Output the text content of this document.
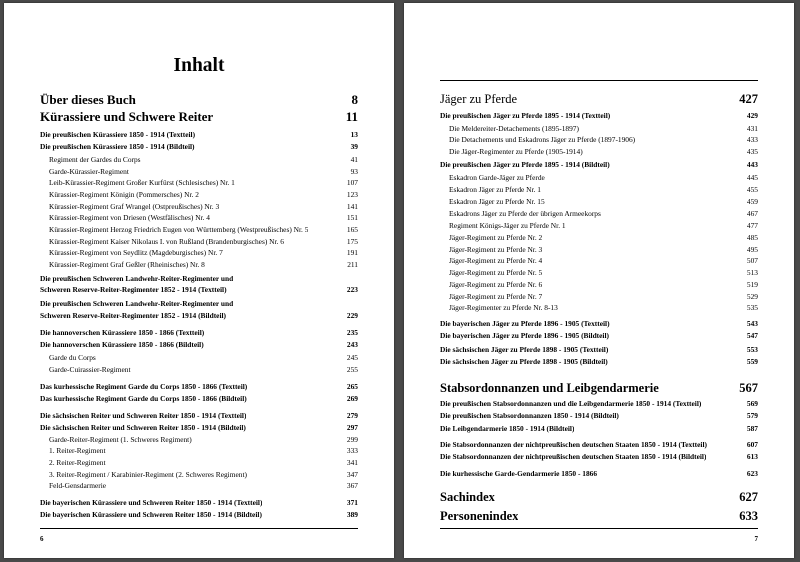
Inhalt
Über dieses Buch	8
Kürassiere und Schwere Reiter	11
Die preußischen Kürassiere 1850 - 1914 (Textteil)	13
Die preußischen Kürassiere 1850 - 1914 (Bildteil)	39
Regiment der Gardes du Corps	41
Garde-Kürassier-Regiment	93
Leib-Kürassier-Regiment Großer Kurfürst (Schlesisches) Nr. 1	107
Kürassier-Regiment Königin (Pommersches) Nr. 2	123
Kürassier-Regiment Graf Wrangel (Ostpreußisches) Nr. 3	141
Kürassier-Regiment von Driesen (Westfälisches) Nr. 4	151
Kürassier-Regiment Herzog Friedrich Eugen von Württemberg (Westpreußisches) Nr. 5	165
Kürassier-Regiment Kaiser Nikolaus I. von Rußland (Brandenburgisches) Nr. 6	175
Kürassier-Regiment von Seydlitz (Magdeburgisches) Nr. 7	191
Kürassier-Regiment Graf Geßler (Rheinisches) Nr. 8	211
Die preußischen Schweren Landwehr-Reiter-Regimenter und
Schweren Reserve-Reiter-Regimenter 1852 - 1914 (Textteil)	223
Die preußischen Schweren Landwehr-Reiter-Regimenter und
Schweren Reserve-Reiter-Regimenter 1852 - 1914 (Bildteil)	229
Die hannoverschen Kürassiere 1850 - 1866 (Textteil)	235
Die hannoverschen Kürassiere 1850 - 1866 (Bildteil)	243
Garde du Corps	245
Garde-Cuirassier-Regiment	255
Das kurhessische Regiment Garde du Corps 1850 - 1866 (Textteil)	265
Das kurhessische Regiment Garde du Corps 1850 - 1866 (Bildteil)	269
Die sächsischen Reiter und Schweren Reiter 1850 - 1914 (Textteil)	279
Die sächsischen Reiter und Schweren Reiter 1850 - 1914 (Bildteil)	297
Garde-Reiter-Regiment (1. Schweres Regiment)	299
1. Reiter-Regiment	333
2. Reiter-Regiment	341
3. Reiter-Regiment / Karabinier-Regiment (2. Schweres Regiment)	347
Feld-Gensdarmerie	367
Die bayerischen Kürassiere und Schweren Reiter 1850 - 1914 (Textteil)	371
Die bayerischen Kürassiere und Schweren Reiter 1850 - 1914 (Bildteil)	389
6
Jäger zu Pferde	427
Die preußischen Jäger zu Pferde 1895 - 1914 (Textteil)	429
Die Meldereiter-Detachements (1895-1897)	431
Die Detachements und Eskadrons Jäger zu Pferde (1897-1906)	433
Die Jäger-Regimenter zu Pferde (1905-1914)	435
Die preußischen Jäger zu Pferde 1895 - 1914 (Bildteil)	443
Eskadron Garde-Jäger zu Pferde	445
Eskadron Jäger zu Pferde Nr. 1	455
Eskadron Jäger zu Pferde Nr. 15	459
Eskadrons Jäger zu Pferde der übrigen Armeekorps	467
Regiment Königs-Jäger zu Pferde Nr. 1	477
Jäger-Regiment zu Pferde Nr. 2	485
Jäger-Regiment zu Pferde Nr. 3	495
Jäger-Regiment zu Pferde Nr. 4	507
Jäger-Regiment zu Pferde Nr. 5	513
Jäger-Regiment zu Pferde Nr. 6	519
Jäger-Regiment zu Pferde Nr. 7	529
Jäger-Regimenter zu Pferde Nr. 8-13	535
Die bayerischen Jäger zu Pferde 1896 - 1905 (Textteil)	543
Die bayerischen Jäger zu Pferde 1896 - 1905 (Bildteil)	547
Die sächsischen Jäger zu Pferde 1898 - 1905 (Textteil)	553
Die sächsischen Jäger zu Pferde 1898 - 1905 (Bildteil)	559
Stabsordonnanzen und Leibgendarmerie	567
Die preußischen Stabsordonnanzen und die Leibgendarmerie 1850 - 1914 (Textteil)	569
Die preußischen Stabsordonnanzen 1850 - 1914 (Bildteil)	579
Die Leibgendarmerie 1850 - 1914 (Bildteil)	587
Die Stabsordonnanzen der nichtpreußischen deutschen Staaten 1850 - 1914 (Textteil)	607
Die Stabsordonnanzen der nichtpreußischen deutschen Staaten 1850 - 1914 (Bildteil)	613
Die kurhessische Garde-Gendarmerie 1850 - 1866	623
Sachindex	627
Personenindex	633
7
